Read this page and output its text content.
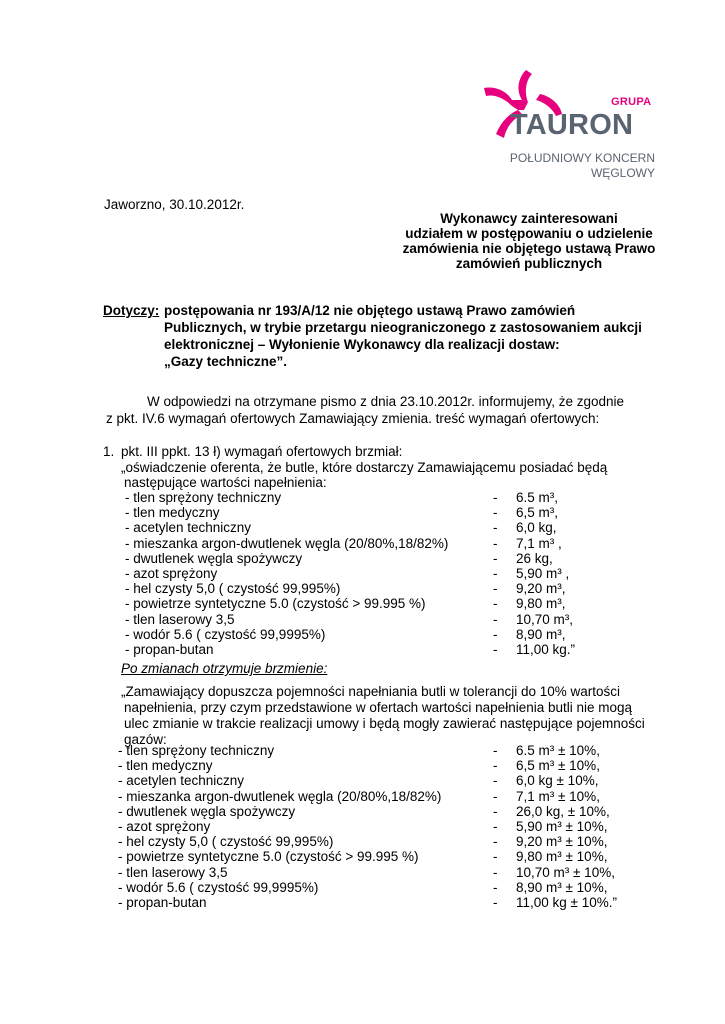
GRUPA
TAURON
POŁUDNIOWY KONCERN
WĘGLOWY
Jaworzno, 30.10.2012r.
Wykonawcy zainteresowani
udziałem w postępowaniu o udzielenie
zamówienia nie objętego ustawą Prawo
zamówień publicznych
Dotyczy: postępowania nr 193/A/12 nie objętego ustawą Prawo zamówień
Publicznych, w trybie przetargu nieograniczonego z zastosowaniem aukcji
elektronicznej – Wyłonienie Wykonawcy dla realizacji dostaw:
„Gazy techniczne”.
W odpowiedzi na otrzymane pismo z dnia 23.10.2012r. informujemy, że zgodnie
z pkt. IV.6 wymagań ofertowych Zamawiający zmienia. treść wymagań ofertowych:
1. pkt. III ppkt. 13 ł) wymagań ofertowych brzmiał:
„oświadczenie oferenta, że butle, które dostarczy Zamawiającemu posiadać będą
następujące wartości napełnienia:
- tlen sprężony techniczny	- 6.5 m³,
- tlen medyczny	- 6,5 m³,
- acetylen techniczny	- 6,0 kg,
- mieszanka argon-dwutlenek węgla (20/80%,18/82%)	- 7,1 m³ ,
- dwutlenek węgla spożywczy	- 26 kg,
- azot sprężony	- 5,90 m³ ,
- hel czysty 5,0 ( czystość 99,995%)	- 9,20 m³,
- powietrze syntetyczne 5.0 (czystość > 99.995 %)	- 9,80 m³,
- tlen laserowy 3,5	- 10,70 m³,
- wodór 5.6 ( czystość 99,9995%)	- 8,90 m³,
- propan-butan	- 11,00 kg.”
Po zmianach otrzymuje brzmienie:
„Zamawiający dopuszcza pojemności napełniania butli w tolerancji do 10% wartości
napełnienia, przy czym przedstawione w ofertach wartości napełnienia butli nie mogą
ulec zmianie w trakcie realizacji umowy i będą mogły zawierać następujące pojemności
gazów:
- tlen sprężony techniczny	- 6.5 m³ ± 10%,
- tlen medyczny	- 6,5 m³ ± 10%,
- acetylen techniczny	- 6,0 kg ± 10%,
- mieszanka argon-dwutlenek węgla (20/80%,18/82%)	- 7,1 m³ ± 10%,
- dwutlenek węgla spożywczy	- 26,0 kg, ± 10%,
- azot sprężony	- 5,90 m³ ± 10%,
- hel czysty 5,0 ( czystość 99,995%)	- 9,20 m³ ± 10%,
- powietrze syntetyczne 5.0 (czystość > 99.995 %)	- 9,80 m³ ± 10%,
- tlen laserowy 3,5	- 10,70 m³ ± 10%,
- wodór 5.6 ( czystość 99,9995%)	- 8,90 m³ ± 10%,
- propan-butan	- 11,00 kg ± 10%.”
